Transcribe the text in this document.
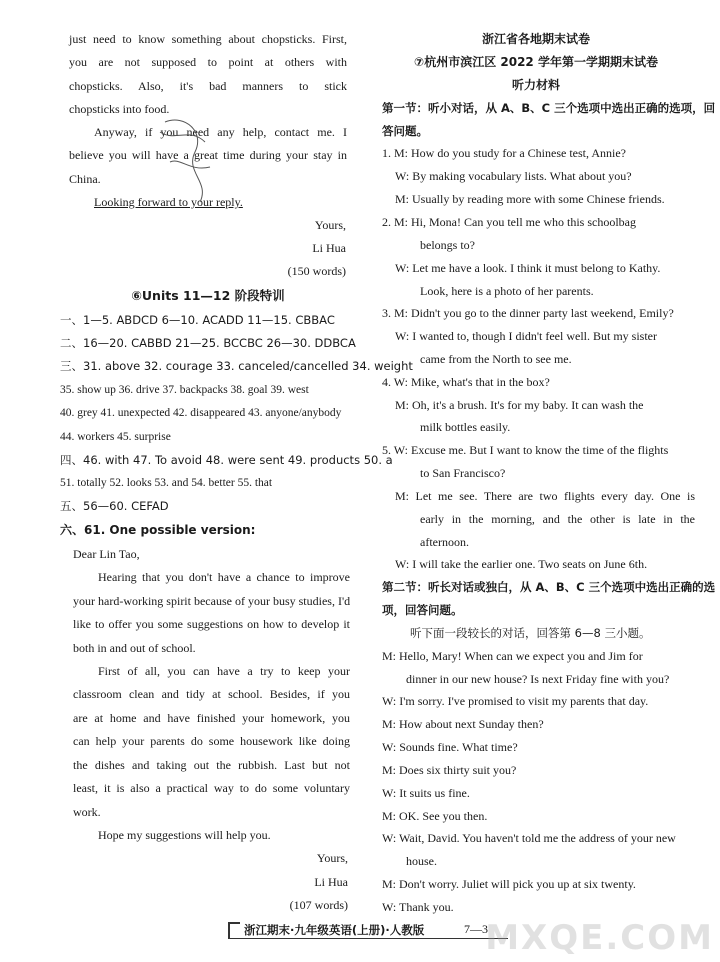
just need to know something about chopsticks. First,
you are not supposed to point at others with
chopsticks. Also, it's bad manners to stick
chopsticks into food.
Anyway, if you need any help, contact me. I
believe you will have a great time during your stay in
China.
Looking forward to your reply.
Yours,
Li Hua
(150 words)
⑥Units 11—12 阶段特训
一、1—5. ABDCD 6—10. ACADD 11—15. CBBAC
二、16—20. CABBD 21—25. BCCBC 26—30. DDBCA
三、31. above 32. courage 33. canceled/cancelled 34. weight
35. show up 36. drive 37. backpacks 38. goal 39. west
40. grey 41. unexpected 42. disappeared 43. anyone/anybody
44. workers 45. surprise
四、46. with 47. To avoid 48. were sent 49. products 50. a
51. totally 52. looks 53. and 54. better 55. that
五、56—60. CEFAD
六、61. One possible version:
Dear Lin Tao,
Hearing that you don't have a chance to improve
your hard-working spirit because of your busy studies, I'd
like to offer you some suggestions on how to develop it
both in and out of school.
First of all, you can have a try to keep your
classroom clean and tidy at school. Besides, if you
are at home and have finished your homework, you
can help your parents do some housework like doing
the dishes and taking out the rubbish. Last but not
least, it is also a practical way to do some voluntary
work.
Hope my suggestions will help you.
Yours,
Li Hua
(107 words)
浙江省各地期末试卷
⑦杭州市滨江区 2022 学年第一学期期末试卷
听力材料
第一节：听小对话，从 A、B、C 三个选项中选出正确的选项，回
答问题。
1. M: How do you study for a Chinese test, Annie?
W: By making vocabulary lists. What about you?
M: Usually by reading more with some Chinese friends.
2. M: Hi, Mona! Can you tell me who this schoolbag
belongs to?
W: Let me have a look. I think it must belong to Kathy.
Look, here is a photo of her parents.
3. M: Didn't you go to the dinner party last weekend, Emily?
W: I wanted to, though I didn't feel well. But my sister
came from the North to see me.
4. W: Mike, what's that in the box?
M: Oh, it's a brush. It's for my baby. It can wash the
milk bottles easily.
5. W: Excuse me. But I want to know the time of the flights
to San Francisco?
M: Let me see. There are two flights every day. One is
early in the morning, and the other is late in the
afternoon.
W: I will take the earlier one. Two seats on June 6th.
第二节：听长对话或独白，从 A、B、C 三个选项中选出正确的选
项，回答问题。
听下面一段较长的对话，回答第 6—8 三小题。
M: Hello, Mary! When can we expect you and Jim for
dinner in our new house? Is next Friday fine with you?
W: I'm sorry. I've promised to visit my parents that day.
M: How about next Sunday then?
W: Sounds fine. What time?
M: Does six thirty suit you?
W: It suits us fine.
M: OK. See you then.
W: Wait, David. You haven't told me the address of your new
house.
M: Don't worry. Juliet will pick you up at six twenty.
W: Thank you.
浙江期末·九年级英语(上册)·人教版	7—3
MXQE.COM
